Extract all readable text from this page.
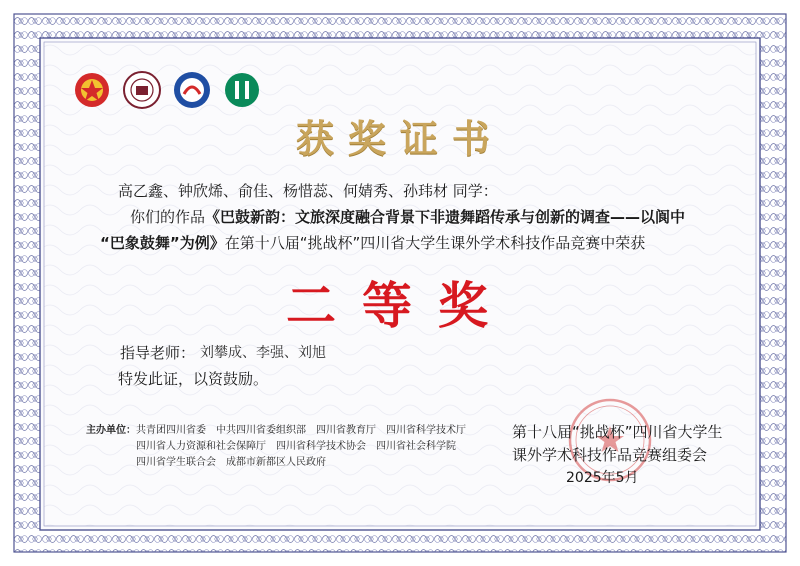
获奖证书
高乙鑫、钟欣烯、俞佳、杨惜蕊、何婧秀、孙玮材 同学：
你们的作品《巴鼓新韵：文旅深度融合背景下非遗舞蹈传承与创新的调查——以阆中
“巴象鼓舞”为例》在第十八届“挑战杯”四川省大学生课外学术科技作品竞赛中荣获
二等奖
指导老师： 刘攀成、李强、刘旭
特发此证，以资鼓励。
主办单位：共青团四川省委　中共四川省委组织部　四川省教育厅　四川省科学技术厅
四川省人力资源和社会保障厅　四川省科学技术协会　四川省社会科学院
四川省学生联合会　成都市新都区人民政府
第十八届“挑战杯”四川省大学生
课外学术科技作品竞赛组委会
2025年5月
